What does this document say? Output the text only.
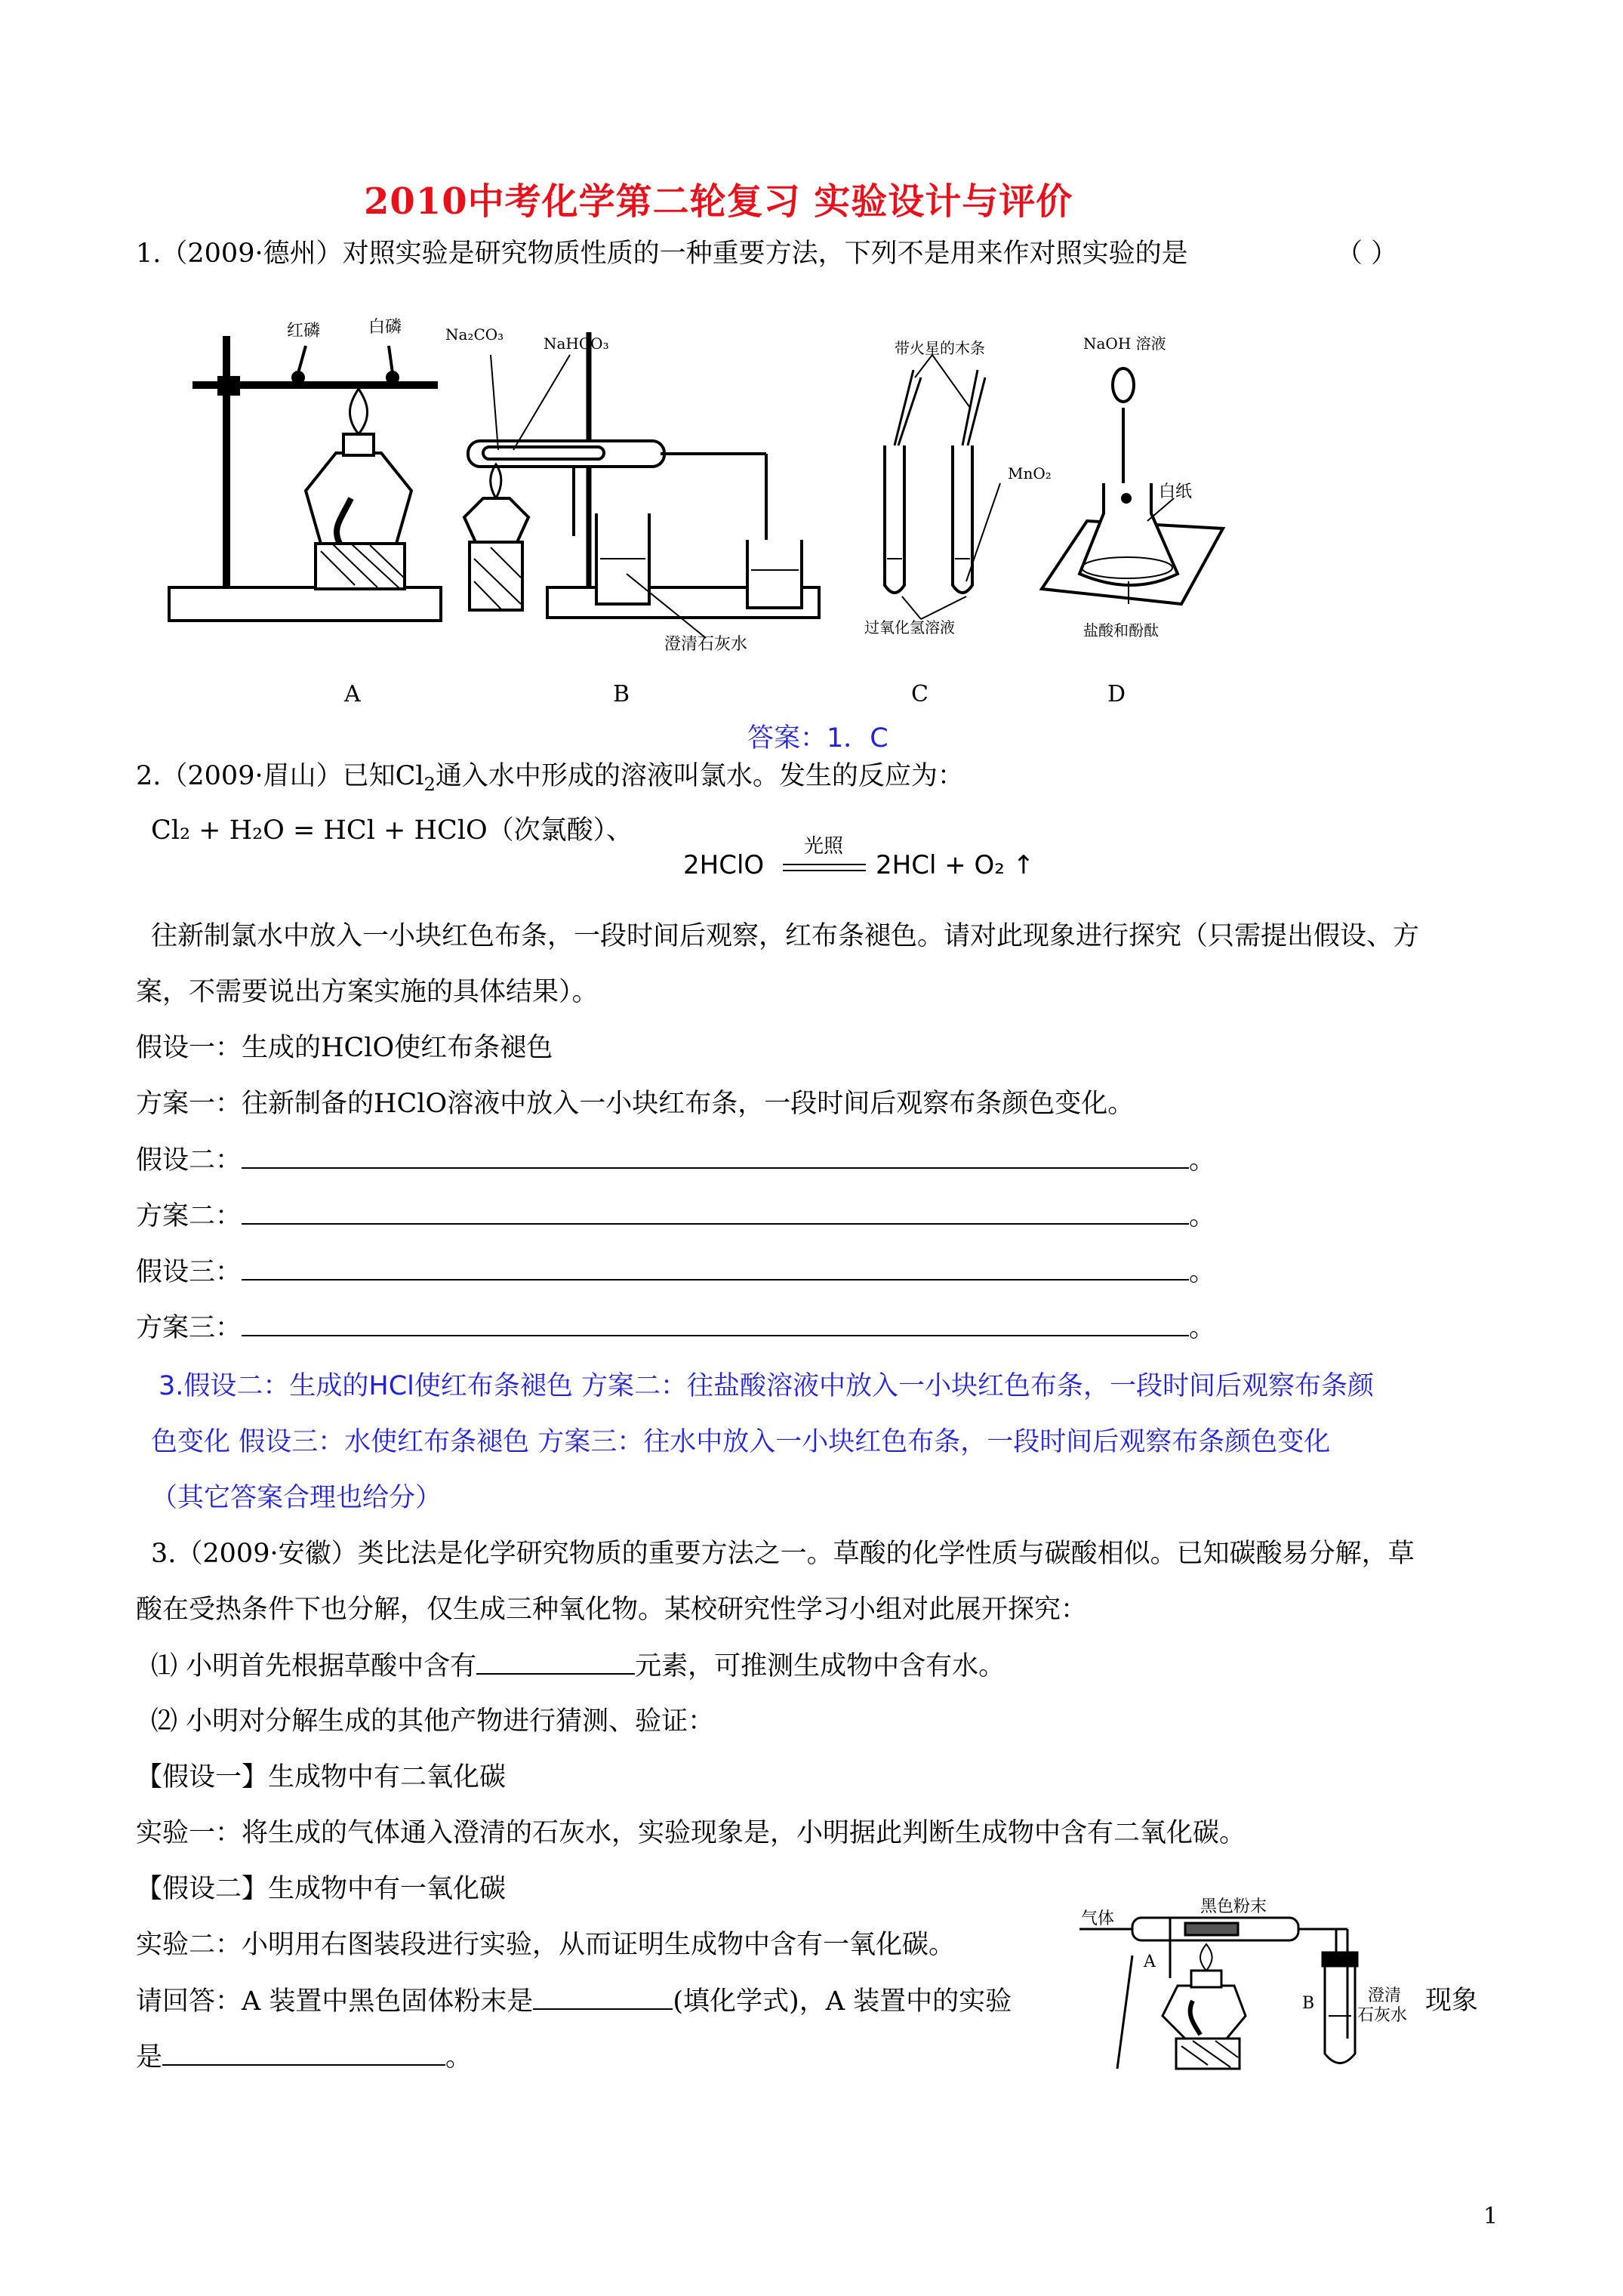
2010中考化学第二轮复习 实验设计与评价
1.（2009·德州）对照实验是研究物质性质的一种重要方法，下列不是用来作对照实验的是	（ ）
红磷	白磷	Na₂CO₃	NaHCO₃
澄清石灰水
带火星的木条
MnO₂
过氧化氢溶液
NaOH 溶液
白纸
盐酸和酚酞
A	B	C	D
答案：1．C
2.（2009·眉山）已知$Cl_2$通入水中形成的溶液叫氯水。发生的反应为：
Cl₂ + H₂O = HCl + HClO（次氯酸）、
2HClO
光照
2HCl + O₂ ↑
往新制氯水中放入一小块红色布条，一段时间后观察，红布条褪色。请对此现象进行探究（只需提出假设、方
案，不需要说出方案实施的具体结果）。
假设一：生成的HClO使红布条褪色
方案一：往新制备的HClO溶液中放入一小块红布条，一段时间后观察布条颜色变化。
假设二：	。
方案二：	。
假设三：	。
方案三：	。
3.假设二：生成的HCl使红布条褪色 方案二：往盐酸溶液中放入一小块红色布条，一段时间后观察布条颜
色变化 假设三：水使红布条褪色 方案三：往水中放入一小块红色布条，一段时间后观察布条颜色变化
（其它答案合理也给分）
3.（2009·安徽）类比法是化学研究物质的重要方法之一。草酸的化学性质与碳酸相似。已知碳酸易分解，草
酸在受热条件下也分解，仅生成三种氧化物。某校研究性学习小组对此展开探究：
⑴ 小明首先根据草酸中含有	元素，可推测生成物中含有水。
⑵ 小明对分解生成的其他产物进行猜测、验证：
【假设一】生成物中有二氧化碳
实验一：将生成的气体通入澄清的石灰水，实验现象是，小明据此判断生成物中含有二氧化碳。
【假设二】生成物中有一氧化碳
实验二：小明用右图装段进行实验，从而证明生成物中含有一氧化碳。
请回答：A 装置中黑色固体粉末是	(填化学式)，A 装置中的实验	现象
是	。
气体
黑色粉末
A
B	澄清
石灰水
1
